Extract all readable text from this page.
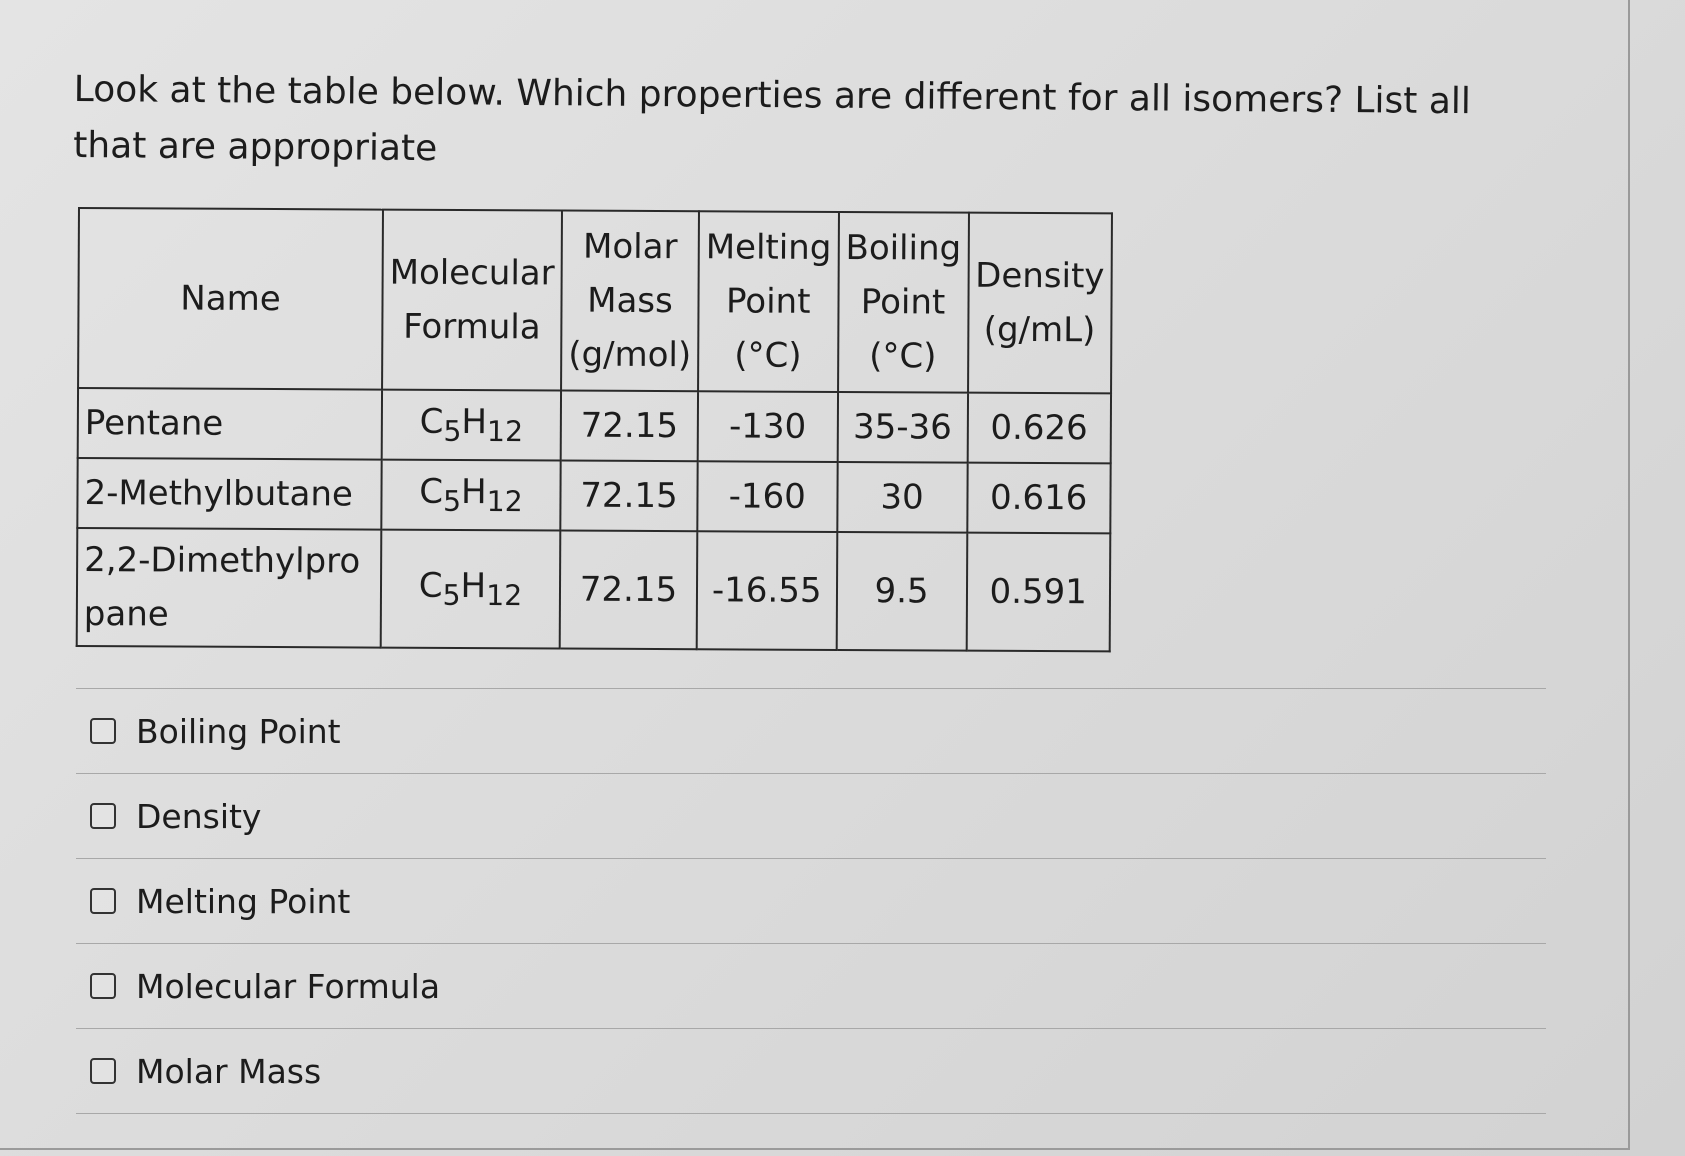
Look at the table below. Which properties are different for all isomers? List all that are appropriate
Name	Molecular Formula	Molar Mass (g/mol)	Melting Point (°C)	Boiling Point (°C)	Density (g/mL)
Pentane	$C_5H_{12}$	72.15	-130	35-36	0.626
2-Methylbutane	$C_5H_{12}$	72.15	-160	30	0.616
2,2-Dimethylpropane	$C_5H_{12}$	72.15	-16.55	9.5	0.591
Boiling Point
Density
Melting Point
Molecular Formula
Molar Mass
